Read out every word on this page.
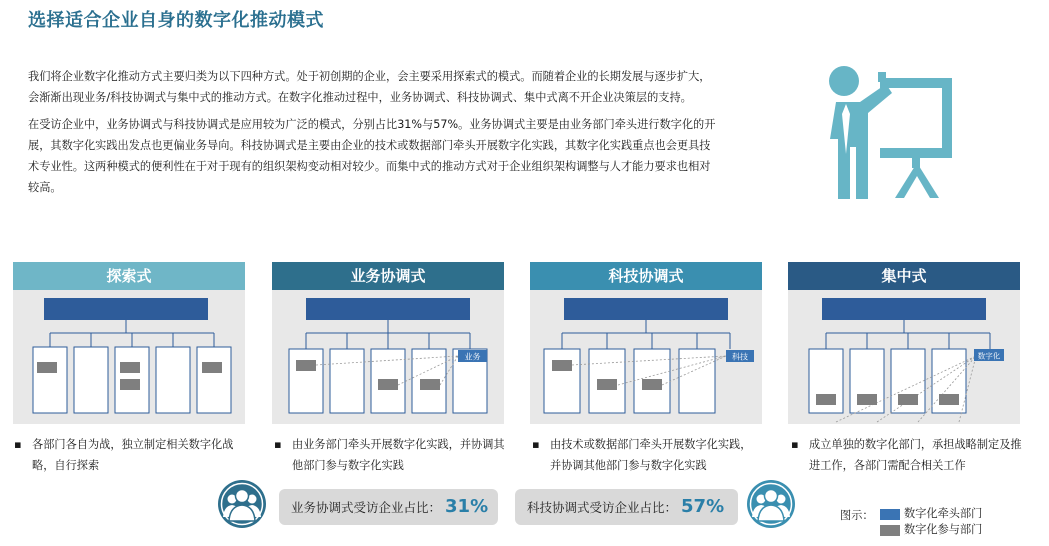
选择适合企业自身的数字化推动模式

我们将企业数字化推动方式主要归类为以下四种方式。处于初创期的企业，会主要采用探索式的模式。而随着企业的长期发展与逐步扩大，会渐渐出现业务/科技协调式与集中式的推动方式。在数字化推动过程中，业务协调式、科技协调式、集中式离不开企业决策层的支持。

在受访企业中，业务协调式与科技协调式是应用较为广泛的模式，分别占比31%与57%。业务协调式主要是由业务部门牵头进行数字化的开展，其数字化实践出发点也更偏业务导向。科技协调式是主要由企业的技术或数据部门牵头开展数字化实践，其数字化实践重点也会更具技术专业性。这两种模式的便利性在于对于现有的组织架构变动相对较少。而集中式的推动方式对于企业组织架构调整与人才能力要求也相对较高。

探索式	业务协调式
业务
科技协调式
科技
集中式
数字化
▪ 各部门各自为战，独立制定相关数字化战略，自行探索
▪ 由业务部门牵头开展数字化实践，并协调其他部门参与数字化实践
▪ 由技术或数据部门牵头开展数字化实践，并协调其他部门参与数字化实践
▪ 成立单独的数字化部门，承担战略制定及推进工作，各部门需配合相关工作
业务协调式受访企业占比： 31%	科技协调式受访企业占比： 57%	图示：	数字化牵头部门
数字化参与部门
